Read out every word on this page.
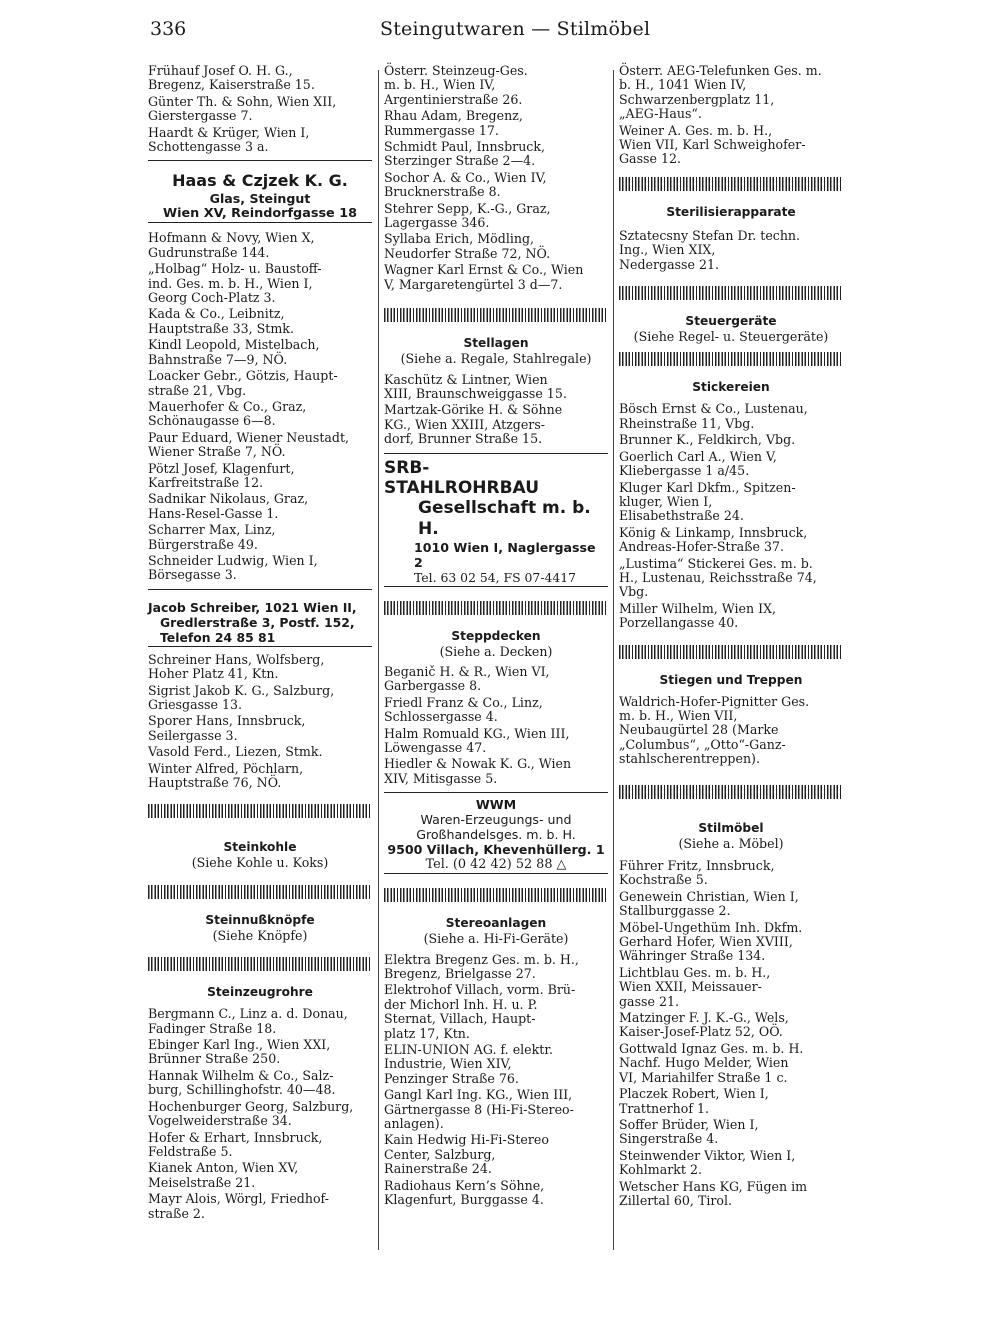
336	Steingutwaren — Stilmöbel
Frühauf Josef O. H. G.,
Bregenz, Kaiserstraße 15.
Günter Th. & Sohn, Wien XII,
Gierstergasse 7.
Haardt & Krüger, Wien I,
Schottengasse 3 a.
Haas & Czjzek K. G.
Glas, Steingut
Wien XV, Reindorfgasse 18
Hofmann & Novy, Wien X,
Gudrunstraße 144.
„Holbag“ Holz- u. Baustoff-
ind. Ges. m. b. H., Wien I,
Georg Coch-Platz 3.
Kada & Co., Leibnitz,
Hauptstraße 33, Stmk.
Kindl Leopold, Mistelbach,
Bahnstraße 7—9, NÖ.
Loacker Gebr., Götzis, Haupt-
straße 21, Vbg.
Mauerhofer & Co., Graz,
Schönaugasse 6—8.
Paur Eduard, Wiener Neustadt,
Wiener Straße 7, NÖ.
Pötzl Josef, Klagenfurt,
Karfreitstraße 12.
Sadnikar Nikolaus, Graz,
Hans-Resel-Gasse 1.
Scharrer Max, Linz,
Bürgerstraße 49.
Schneider Ludwig, Wien I,
Börsegasse 3.
Jacob Schreiber, 1021 Wien II,
Gredlerstraße 3, Postf. 152,
Telefon 24 85 81
Schreiner Hans, Wolfsberg,
Hoher Platz 41, Ktn.
Sigrist Jakob K. G., Salzburg,
Griesgasse 13.
Sporer Hans, Innsbruck,
Seilergasse 3.
Vasold Ferd., Liezen, Stmk.
Winter Alfred, Pöchlarn,
Hauptstraße 76, NÖ.
Steinkohle
(Siehe Kohle u. Koks)
Steinnußknöpfe
(Siehe Knöpfe)
Steinzeugrohre
Bergmann C., Linz a. d. Donau,
Fadinger Straße 18.
Ebinger Karl Ing., Wien XXI,
Brünner Straße 250.
Hannak Wilhelm & Co., Salz-
burg, Schillinghofstr. 40—48.
Hochenburger Georg, Salzburg,
Vogelweiderstraße 34.
Hofer & Erhart, Innsbruck,
Feldstraße 5.
Kianek Anton, Wien XV,
Meiselstraße 21.
Mayr Alois, Wörgl, Friedhof-
straße 2.
Österr. Steinzeug-Ges.
m. b. H., Wien IV,
Argentinierstraße 26.
Rhau Adam, Bregenz,
Rummergasse 17.
Schmidt Paul, Innsbruck,
Sterzinger Straße 2—4.
Sochor A. & Co., Wien IV,
Brucknerstraße 8.
Stehrer Sepp, K.-G., Graz,
Lagergasse 346.
Syllaba Erich, Mödling,
Neudorfer Straße 72, NÖ.
Wagner Karl Ernst & Co., Wien
V, Margaretengürtel 3 d—7.
Stellagen
(Siehe a. Regale, Stahlregale)
Kaschütz & Lintner, Wien
XIII, Braunschweiggasse 15.
Martzak-Görike H. & Söhne
KG., Wien XXIII, Atzgers-
dorf, Brunner Straße 15.
SRB-
STAHLROHRBAU
Gesellschaft m. b. H.
1010 Wien I, Naglergasse 2
Tel. 63 02 54, FS 07-4417
Steppdecken
(Siehe a. Decken)
Beganič H. & R., Wien VI,
Garbergasse 8.
Friedl Franz & Co., Linz,
Schlossergasse 4.
Halm Romuald KG., Wien III,
Löwengasse 47.
Hiedler & Nowak K. G., Wien
XIV, Mitisgasse 5.
WWM
Waren-Erzeugungs- und
Großhandelsges. m. b. H.
9500 Villach, Khevenhüllerg. 1
Tel. (0 42 42) 52 88 △
Stereoanlagen
(Siehe a. Hi-Fi-Geräte)
Elektra Bregenz Ges. m. b. H.,
Bregenz, Brielgasse 27.
Elektrohof Villach, vorm. Brü-
der Michorl Inh. H. u. P.
Sternat, Villach, Haupt-
platz 17, Ktn.
ELIN-UNION AG. f. elektr.
Industrie, Wien XIV,
Penzinger Straße 76.
Gangl Karl Ing. KG., Wien III,
Gärtnergasse 8 (Hi-Fi-Stereo-
anlagen).
Kain Hedwig Hi-Fi-Stereo
Center, Salzburg,
Rainerstraße 24.
Radiohaus Kern’s Söhne,
Klagenfurt, Burggasse 4.
Österr. AEG-Telefunken Ges. m.
b. H., 1041 Wien IV,
Schwarzenbergplatz 11,
„AEG-Haus“.
Weiner A. Ges. m. b. H.,
Wien VII, Karl Schweighofer-
Gasse 12.
Sterilisierapparate
Sztatecsny Stefan Dr. techn.
Ing., Wien XIX,
Nedergasse 21.
Steuergeräte
(Siehe Regel- u. Steuergeräte)
Stickereien
Bösch Ernst & Co., Lustenau,
Rheinstraße 11, Vbg.
Brunner K., Feldkirch, Vbg.
Goerlich Carl A., Wien V,
Kliebergasse 1 a/45.
Kluger Karl Dkfm., Spitzen-
kluger, Wien I,
Elisabethstraße 24.
König & Linkamp, Innsbruck,
Andreas-Hofer-Straße 37.
„Lustima“ Stickerei Ges. m. b.
H., Lustenau, Reichsstraße 74,
Vbg.
Miller Wilhelm, Wien IX,
Porzellangasse 40.
Stiegen und Treppen
Waldrich-Hofer-Pignitter Ges.
m. b. H., Wien VII,
Neubaugürtel 28 (Marke
„Columbus“, „Otto“-Ganz-
stahlscherentreppen).
Stilmöbel
(Siehe a. Möbel)
Führer Fritz, Innsbruck,
Kochstraße 5.
Genewein Christian, Wien I,
Stallburggasse 2.
Möbel-Ungethüm Inh. Dkfm.
Gerhard Hofer, Wien XVIII,
Währinger Straße 134.
Lichtblau Ges. m. b. H.,
Wien XXII, Meissauer-
gasse 21.
Matzinger F. J. K.-G., Wels,
Kaiser-Josef-Platz 52, OÖ.
Gottwald Ignaz Ges. m. b. H.
Nachf. Hugo Melder, Wien
VI, Mariahilfer Straße 1 c.
Placzek Robert, Wien I,
Trattnerhof 1.
Soffer Brüder, Wien I,
Singerstraße 4.
Steinwender Viktor, Wien I,
Kohlmarkt 2.
Wetscher Hans KG, Fügen im
Zillertal 60, Tirol.
